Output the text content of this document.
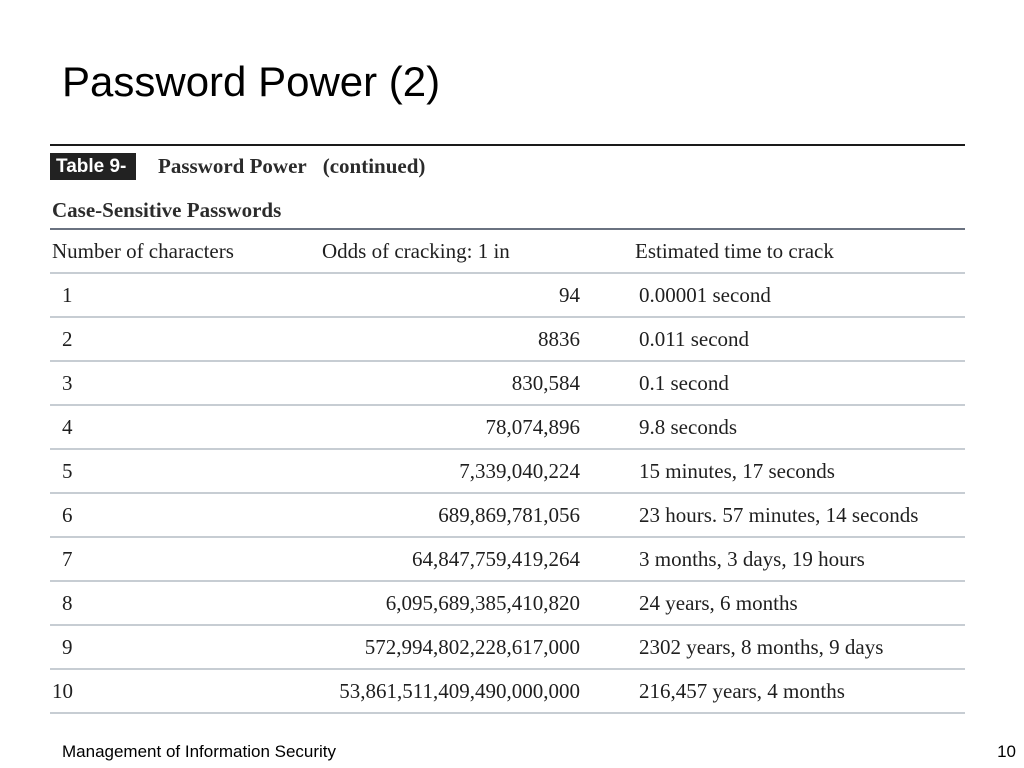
Password Power (2)
Table 9-1
Password Power (continued)
Case-Sensitive Passwords
Number of characters	Odds of cracking: 1 in	Estimated time to crack
1	94	0.00001 second
2	8836	0.011 second
3	830,584	0.1 second
4	78,074,896	9.8 seconds
5	7,339,040,224	15 minutes, 17 seconds
6	689,869,781,056	23 hours. 57 minutes, 14 seconds
7	64,847,759,419,264	3 months, 3 days, 19 hours
8	6,095,689,385,410,820	24 years, 6 months
9	572,994,802,228,617,000	2302 years, 8 months, 9 days
10	53,861,511,409,490,000,000	216,457 years, 4 months
Management of Information Security	10
